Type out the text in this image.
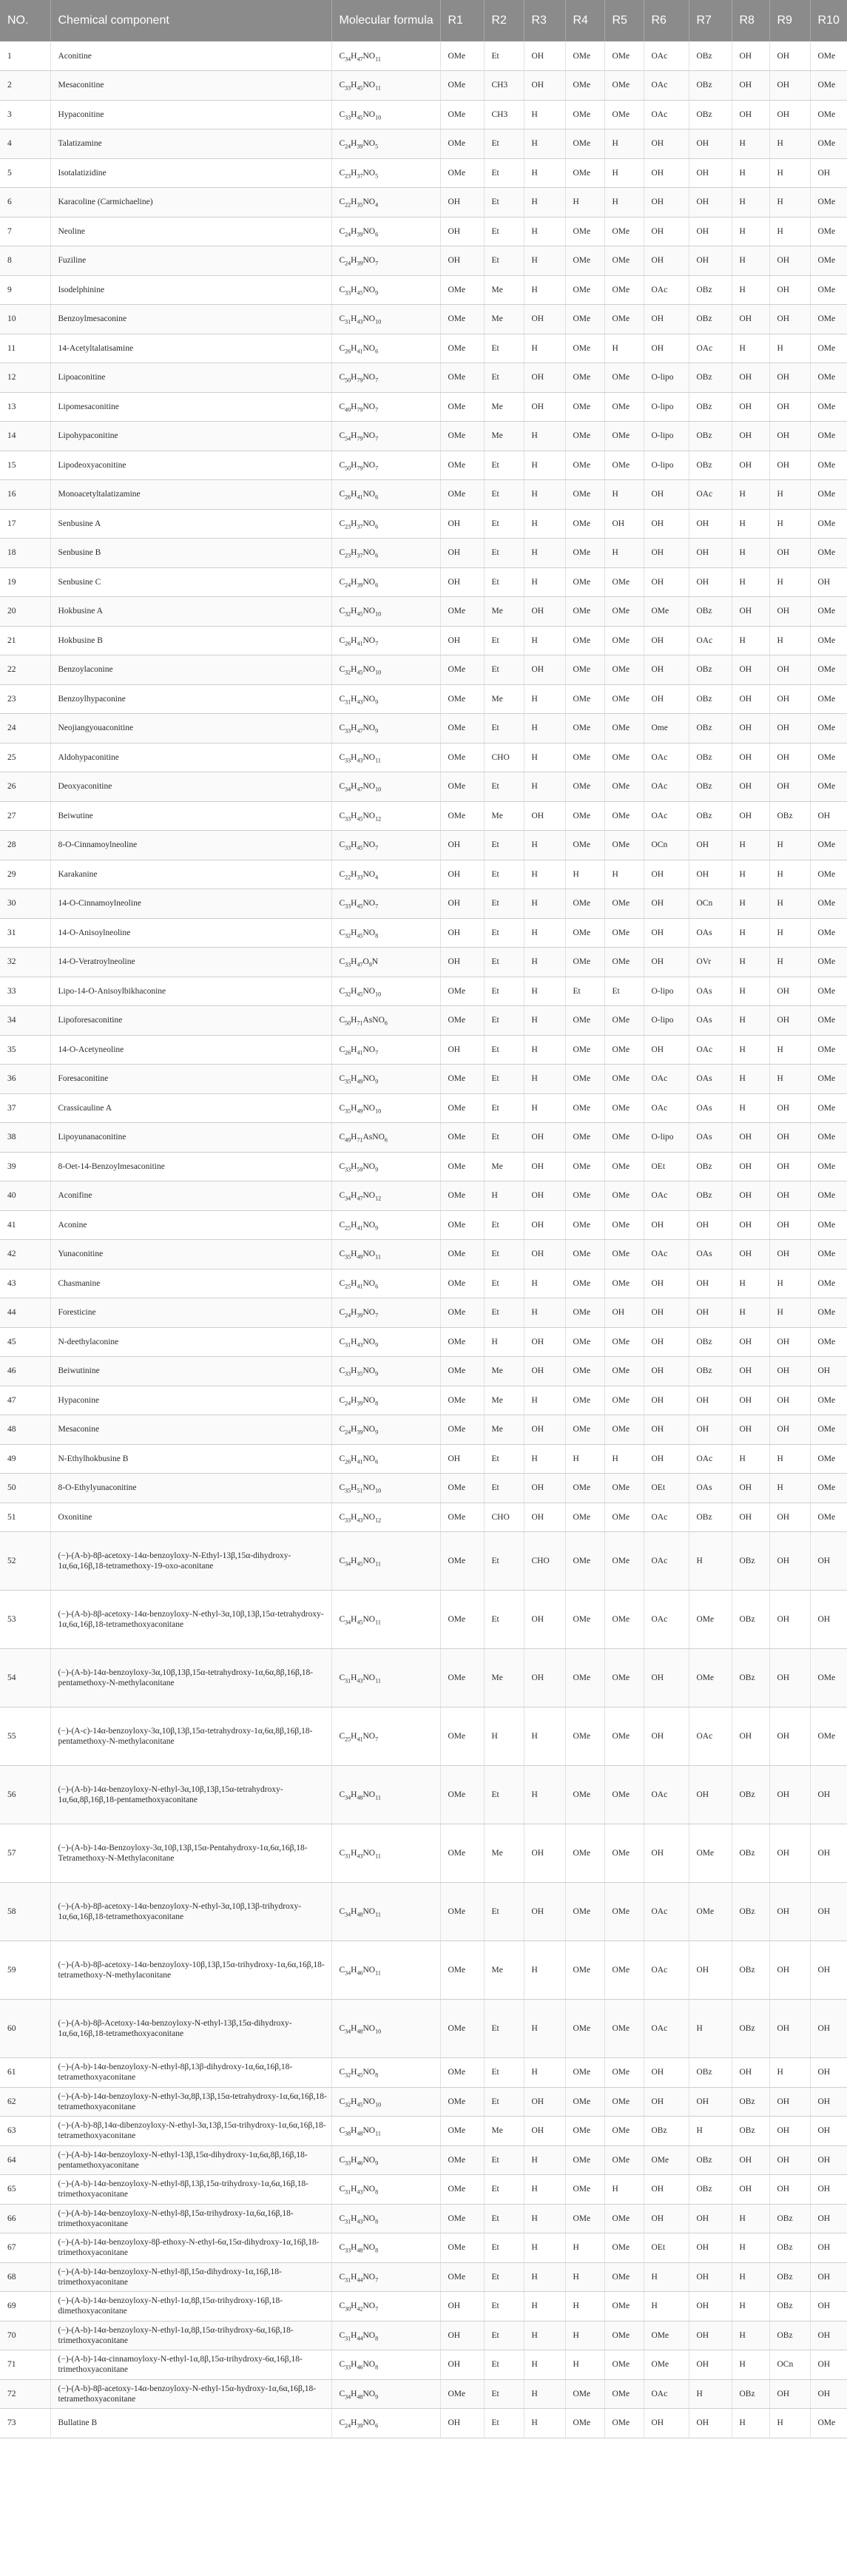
NO.	Chemical component	Molecular formula	R1	R2	R3	R4	R5	R6	R7	R8	R9	R10
1	Aconitine	$C_{34}H_{47}NO_{11}$	OMe	Et	OH	OMe	OMe	OAc	OBz	OH	OH	OMe
2	Mesaconitine	$C_{33}H_{45}NO_{11}$	OMe	CH3	OH	OMe	OMe	OAc	OBz	OH	OH	OMe
3	Hypaconitine	$C_{33}H_{45}NO_{10}$	OMe	CH3	H	OMe	OMe	OAc	OBz	OH	OH	OMe
4	Talatizamine	$C_{24}H_{39}NO_5$	OMe	Et	H	OMe	H	OH	OH	H	H	OMe
5	Isotalatizidine	$C_{23}H_{37}NO_5$	OMe	Et	H	OMe	H	OH	OH	H	H	OH
6	Karacoline (Carmichaeline)	$C_{22}H_{35}NO_4$	OH	Et	H	H	H	OH	OH	H	H	OMe
7	Neoline	$C_{24}H_{39}NO_6$	OH	Et	H	OMe	OMe	OH	OH	H	H	OMe
8	Fuziline	$C_{24}H_{39}NO_7$	OH	Et	H	OMe	OMe	OH	OH	H	OH	OMe
9	Isodelphinine	$C_{33}H_{45}NO_9$	OMe	Me	H	OMe	OMe	OAc	OBz	H	OH	OMe
10	Benzoylmesaconine	$C_{31}H_{43}NO_{10}$	OMe	Me	OH	OMe	OMe	OH	OBz	OH	OH	OMe
11	14-Acetyltalatisamine	$C_{26}H_{41}NO_6$	OMe	Et	H	OMe	H	OH	OAc	H	H	OMe
12	Lipoaconitine	$C_{50}H_{79}NO_7$	OMe	Et	OH	OMe	OMe	O-lipo	OBz	OH	OH	OMe
13	Lipomesaconitine	$C_{49}H_{79}NO_7$	OMe	Me	OH	OMe	OMe	O-lipo	OBz	OH	OH	OMe
14	Lipohypaconitine	$C_{54}H_{79}NO_7$	OMe	Me	H	OMe	OMe	O-lipo	OBz	OH	OH	OMe
15	Lipodeoxyaconitine	$C_{50}H_{79}NO_7$	OMe	Et	H	OMe	OMe	O-lipo	OBz	OH	OH	OMe
16	Monoacetyltalatizamine	$C_{26}H_{41}NO_6$	OMe	Et	H	OMe	H	OH	OAc	H	H	OMe
17	Senbusine A	$C_{23}H_{37}NO_6$	OH	Et	H	OMe	OH	OH	OH	H	H	OMe
18	Senbusine B	$C_{23}H_{37}NO_6$	OH	Et	H	OMe	H	OH	OH	H	OH	OMe
19	Senbusine C	$C_{24}H_{39}NO_6$	OH	Et	H	OMe	OMe	OH	OH	H	H	OH
20	Hokbusine A	$C_{32}H_{45}NO_{10}$	OMe	Me	OH	OMe	OMe	OMe	OBz	OH	OH	OMe
21	Hokbusine B	$C_{26}H_{41}NO_7$	OH	Et	H	OMe	OMe	OH	OAc	H	H	OMe
22	Benzoylaconine	$C_{32}H_{45}NO_{10}$	OMe	Et	OH	OMe	OMe	OH	OBz	OH	OH	OMe
23	Benzoylhypaconine	$C_{31}H_{43}NO_9$	OMe	Me	H	OMe	OMe	OH	OBz	OH	OH	OMe
24	Neojiangyouaconitine	$C_{33}H_{47}NO_9$	OMe	Et	H	OMe	OMe	Ome	OBz	OH	OH	OMe
25	Aldohypaconitine	$C_{33}H_{43}NO_{11}$	OMe	CHO	H	OMe	OMe	OAc	OBz	OH	OH	OMe
26	Deoxyaconitine	$C_{34}H_{47}NO_{10}$	OMe	Et	H	OMe	OMe	OAc	OBz	OH	OH	OMe
27	Beiwutine	$C_{33}H_{45}NO_{12}$	OMe	Me	OH	OMe	OMe	OAc	OBz	OH	OBz	OH
28	8-O-Cinnamoylneoline	$C_{33}H_{45}NO_7$	OH	Et	H	OMe	OMe	OCn	OH	H	H	OMe
29	Karakanine	$C_{22}H_{33}NO_4$	OH	Et	H	H	H	OH	OH	H	H	OMe
30	14-O-Cinnamoylneoline	$C_{33}H_{45}NO_7$	OH	Et	H	OMe	OMe	OH	OCn	H	H	OMe
31	14-O-Anisoylneoline	$C_{32}H_{45}NO_8$	OH	Et	H	OMe	OMe	OH	OAs	H	H	OMe
32	14-O-Veratroylneoline	$C_{33}H_{47}O_9N$	OH	Et	H	OMe	OMe	OH	OVr	H	H	OMe
33	Lipo-14-O-Anisoylbikhaconine	$C_{32}H_{45}NO_{10}$	OMe	Et	H	Et	Et	O-lipo	OAs	H	OH	OMe
34	Lipoforesaconitine	$C_{50}H_{71}AsNO_6$	OMe	Et	H	OMe	OMe	O-lipo	OAs	H	OH	OMe
35	14-O-Acetyneoline	$C_{26}H_{41}NO_7$	OH	Et	H	OMe	OMe	OH	OAc	H	H	OMe
36	Foresaconitine	$C_{35}H_{49}NO_9$	OMe	Et	H	OMe	OMe	OAc	OAs	H	H	OMe
37	Crassicauline A	$C_{35}H_{49}NO_{10}$	OMe	Et	H	OMe	OMe	OAc	OAs	H	OH	OMe
38	Lipoyunanaconitine	$C_{49}H_{71}AsNO_6$	OMe	Et	OH	OMe	OMe	O-lipo	OAs	OH	OH	OMe
39	8-Oet-14-Benzoylmesaconitine	$C_{33}H_{59}NO_9$	OMe	Me	OH	OMe	OMe	OEt	OBz	OH	OH	OMe
40	Aconifine	$C_{34}H_{47}NO_{12}$	OMe	H	OH	OMe	OMe	OAc	OBz	OH	OH	OMe
41	Aconine	$C_{25}H_{41}NO_9$	OMe	Et	OH	OMe	OMe	OH	OH	OH	OH	OMe
42	Yunaconitine	$C_{35}H_{49}NO_{11}$	OMe	Et	OH	OMe	OMe	OAc	OAs	OH	OH	OMe
43	Chasmanine	$C_{25}H_{41}NO_6$	OMe	Et	H	OMe	OMe	OH	OH	H	H	OMe
44	Foresticine	$C_{24}H_{39}NO_7$	OMe	Et	H	OMe	OH	OH	OH	H	H	OMe
45	N-deethylaconine	$C_{31}H_{43}NO_9$	OMe	H	OH	OMe	OMe	OH	OBz	OH	OH	OMe
46	Beiwutinine	$C_{33}H_{35}NO_9$	OMe	Me	OH	OMe	OMe	OH	OBz	OH	OH	OH
47	Hypaconine	$C_{24}H_{39}NO_8$	OMe	Me	H	OMe	OMe	OH	OH	OH	OH	OMe
48	Mesaconine	$C_{24}H_{39}NO_9$	OMe	Me	OH	OMe	OMe	OH	OH	OH	OH	OMe
49	N-Ethylhokbusine B	$C_{26}H_{41}NO_6$	OH	Et	H	H	H	OH	OAc	H	H	OMe
50	8-O-Ethylyunaconitine	$C_{35}H_{51}NO_{10}$	OMe	Et	OH	OMe	OMe	OEt	OAs	OH	H	OMe
51	Oxonitine	$C_{33}H_{43}NO_{12}$	OMe	CHO	OH	OMe	OMe	OAc	OBz	OH	OH	OMe
52	(−)-(A-b)-8β-acetoxy-14α-benzoyloxy-N-Ethyl-13β,15α-dihydroxy-1α,6α,16β,18-tetramethoxy-19-oxo-aconitane	$C_{34}H_{45}NO_{11}$	OMe	Et	CHO	OMe	OMe	OAc	H	OBz	OH	OH
53	(−)-(A-b)-8β-acetoxy-14α-benzoyloxy-N-ethyl-3α,10β,13β,15α-tetrahydroxy-1α,6α,16β,18-tetramethoxyaconitane	$C_{34}H_{45}NO_{11}$	OMe	Et	OH	OMe	OMe	OAc	OMe	OBz	OH	OH
54	(−)-(A-b)-14α-benzoyloxy-3α,10β,13β,15α-tetrahydroxy-1α,6α,8β,16β,18-pentamethoxy-N-methylaconitane	$C_{31}H_{43}NO_{11}$	OMe	Me	OH	OMe	OMe	OH	OMe	OBz	OH	OMe
55	(−)-(A-c)-14α-benzoyloxy-3α,10β,13β,15α-tetrahydroxy-1α,6α,8β,16β,18-pentamethoxy-N-methylaconitane	$C_{25}H_{41}NO_7$	OMe	H	H	OMe	OMe	OH	OAc	OH	OH	OMe
56	(−)-(A-b)-14α-benzoyloxy-N-ethyl-3α,10β,13β,15α-tetrahydroxy-1α,6α,8β,16β,18-pentamethoxyaconitane	$C_{34}H_{48}NO_{11}$	OMe	Et	H	OMe	OMe	OAc	OH	OBz	OH	OH
57	(−)-(A-b)-14α-Benzoyloxy-3α,10β,13β,15α-Pentahydroxy-1α,6α,16β,18-Tetramethoxy-N-Methylaconitane	$C_{31}H_{43}NO_{11}$	OMe	Me	OH	OMe	OMe	OH	OMe	OBz	OH	OH
58	(−)-(A-b)-8β-acetoxy-14α-benzoyloxy-N-ethyl-3α,10β,13β-trihydroxy-1α,6α,16β,18-tetramethoxyaconitane	$C_{34}H_{48}NO_{11}$	OMe	Et	OH	OMe	OMe	OAc	OMe	OBz	OH	OH
59	(−)-(A-b)-8β-acetoxy-14α-benzoyloxy-10β,13β,15α-trihydroxy-1α,6α,16β,18-tetramethoxy-N-methylaconitane	$C_{34}H_{46}NO_{11}$	OMe	Me	H	OMe	OMe	OAc	OH	OBz	OH	OH
60	(−)-(A-b)-8β-Acetoxy-14α-benzoyloxy-N-ethyl-13β,15α-dihydroxy-1α,6α,16β,18-tetramethoxyaconitane	$C_{34}H_{48}NO_{10}$	OMe	Et	H	OMe	OMe	OAc	H	OBz	OH	OH
61	(−)-(A-b)-14α-benzoyloxy-N-ethyl-8β,13β-dihydroxy-1α,6α,16β,18-tetramethoxyaconitane	$C_{32}H_{45}NO_8$	OMe	Et	H	OMe	OMe	OH	OBz	OH	H	OH
62	(−)-(A-b)-14α-benzoyloxy-N-ethyl-3α,8β,13β,15α-tetrahydroxy-1α,6α,16β,18-tetramethoxyaconitane	$C_{32}H_{45}NO_{10}$	OMe	Et	OH	OMe	OMe	OH	OH	OBz	OH	OH
63	(−)-(A-b)-8β,14α-dibenzoyloxy-N-ethyl-3α,13β,15α-trihydroxy-1α,6α,16β,18-tetramethoxyaconitane	$C_{38}H_{48}NO_{11}$	OMe	Me	OH	OMe	OMe	OBz	H	OBz	OH	OH
64	(−)-(A-b)-14α-benzoyloxy-N-ethyl-13β,15α-dihydroxy-1α,6α,8β,16β,18-pentamethoxyaconitane	$C_{33}H_{46}NO_9$	OMe	Et	H	OMe	OMe	OMe	OBz	OH	OH	OH
65	(−)-(A-b)-14α-benzoyloxy-N-ethyl-8β,13β,15α-trihydroxy-1α,6α,16β,18-trimethoxyaconitane	$C_{31}H_{43}NO_8$	OMe	Et	H	OMe	H	OH	OBz	OH	OH	OH
66	(−)-(A-b)-14α-benzoyloxy-N-ethyl-8β,15α-trihydroxy-1α,6α,16β,18-trimethoxyaconitane	$C_{31}H_{43}NO_8$	OMe	Et	H	OMe	OMe	OH	OH	H	OBz	OH
67	(−)-(A-b)-14α-benzoyloxy-8β-ethoxy-N-ethyl-6α,15α-dihydroxy-1α,16β,18-trimethoxyaconitane	$C_{33}H_{48}NO_8$	OMe	Et	H	H	OMe	OEt	OH	H	OBz	OH
68	(−)-(A-b)-14α-benzoyloxy-N-ethyl-8β,15α-dihydroxy-1α,16β,18-trimethoxyaconitane	$C_{31}H_{44}NO_7$	OMe	Et	H	H	OMe	H	OH	H	OBz	OH
69	(−)-(A-b)-14α-benzoyloxy-N-ethyl-1α,8β,15α-trihydroxy-16β,18-dimethoxyaconitane	$C_{30}H_{42}NO_7$	OH	Et	H	H	OMe	H	OH	H	OBz	OH
70	(−)-(A-b)-14α-benzoyloxy-N-ethyl-1α,8β,15α-trihydroxy-6α,16β,18-trimethoxyaconitane	$C_{31}H_{44}NO_8$	OH	Et	H	H	OMe	OMe	OH	H	OBz	OH
71	(−)-(A-b)-14α-cinnamoyloxy-N-ethyl-1α,8β,15α-trihydroxy-6α,16β,18-trimethoxyaconitane	$C_{33}H_{46}NO_8$	OH	Et	H	H	OMe	OMe	OH	H	OCn	OH
72	(−)-(A-b)-8β-acetoxy-14α-benzoyloxy-N-ethyl-15α-hydroxy-1α,6α,16β,18-tetramethoxyaconitane	$C_{34}H_{48}NO_9$	OMe	Et	H	OMe	OMe	OAc	H	OBz	OH	OH
73	Bullatine B	$C_{24}H_{39}NO_6$	OH	Et	H	OMe	OMe	OH	OH	H	H	OMe
